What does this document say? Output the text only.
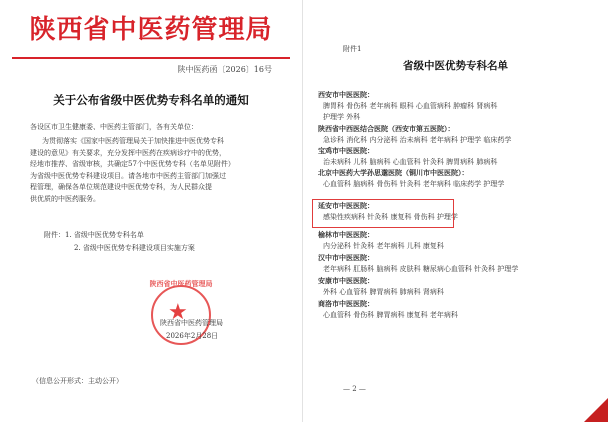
陕西省中医药管理局
陕中医药函〔2026〕16号
关于公布省级中医优势专科名单的通知
各设区市卫生健康委、中医药主管部门，各有关单位：
为贯彻落实《国家中医药管理局关于加快推进中医优势专科
建设的意见》有关要求，充分发挥中医药在疾病诊疗中的优势，
经地市推荐、省级审核，共确定57个中医优势专科（名单见附件）
为省级中医优势专科建设项目。请各地市中医药主管部门加强过
程管理，确保各单位规范建设中医优势专科，为人民群众提
供优质的中医药服务。
附件：1. 省级中医优势专科名单
2. 省级中医优势专科建设项目实施方案
陕西省中医药管理局
★
陕西省中医药管理局
2026年2月28日
（信息公开形式：主动公开）
附件1
省级中医优势专科名单
西安市中医医院：
脾胃科 骨伤科 老年病科 眼科 心血管病科 肿瘤科 肾病科
护理学 外科
陕西省中西医结合医院（西安市第五医院）：
急诊科 消化科 内分泌科 治未病科 老年病科 护理学 临床药学
宝鸡市中医医院：
治未病科 儿科 脑病科 心血管科 针灸科 脾胃病科 肺病科
北京中医药大学孙思邈医院（铜川市中医医院）：
心血管科 脑病科 骨伤科 针灸科 老年病科 临床药学 护理学
延安市中医医院：
感染性疾病科 针灸科 康复科 骨伤科 护理学
榆林市中医医院：
内分泌科 针灸科 老年病科 儿科 康复科
汉中市中医医院：
老年病科 肛肠科 脑病科 皮肤科 糖尿病心血管科 针灸科 护理学
安康市中医医院：
外科 心血管科 脾胃病科 肺病科 肾病科
商洛市中医医院：
心血管科 骨伤科 脾胃病科 康复科 老年病科
— 2 —
